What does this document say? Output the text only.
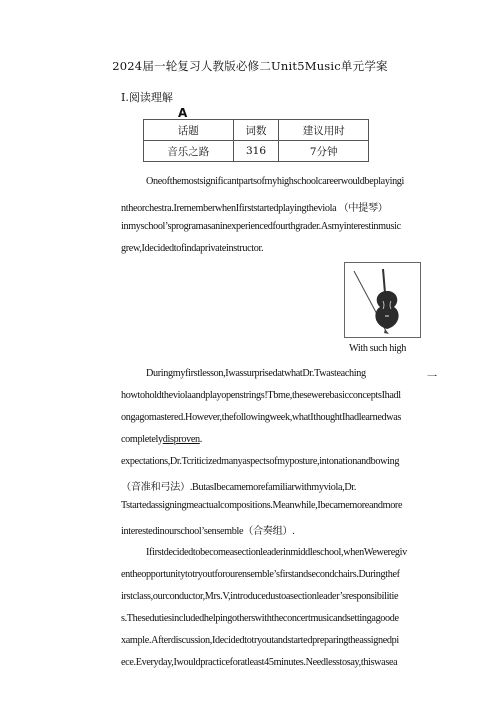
2024届一轮复习人教版必修二Unit5Music单元学案
Ⅰ.阅读理解
A
话题	词数	建议用时
音乐之路	316	7分钟
Oneofthemostsignificantpartsofmyhighschoolcareerwouldbeplayingi
ntheorchestra.IrememberwhenIfirststartedplayingtheviola （中提琴）
inmyschool’sprogramasaninexperiencedfourthgrader.Asmyinterestinmusic
grew,Idecidedtofindaprivateinstructor.
With such high
Duringmyfirstlesson,IwassurprisedatwhatDr.Twasteaching	一
howtoholdtheviolaandplayopenstrings!Tbme,thesewerebasicconceptsIhadl
ongagomastered.However,thefollowingweek,whatIthoughtIhadlearnedwas
completelydisproven.
expectations,Dr.Tcriticizedmanyaspectsofmyposture,intonationandbowing
（音准和弓法）.ButasIbecamemorefamiliarwithmyviola,Dr.
Tstartedassigningmeactualcompositions.Meanwhile,Ibecamemoreandmore
interestedinourschool’sensemble（合奏组）.
Ifirstdecidedtobecomeasectionleaderinmiddleschool,whenWeweregiv
entheopportunitytotryoutforourensemble’sfirstandsecondchairs.Duringthef
irstclass,ourconductor,Mrs.V,introducedustoasectionleader’sresponsibilitie
s.Thesedutiesincludedhelpingotherswiththeconcertmusicandsettingagoode
xample.Afterdiscussion,Idecidedtotryoutandstartedpreparingtheassignedpi
ece.Everyday,Iwouldpracticeforatleast45minutes.Needlesstosay,thiswasea
